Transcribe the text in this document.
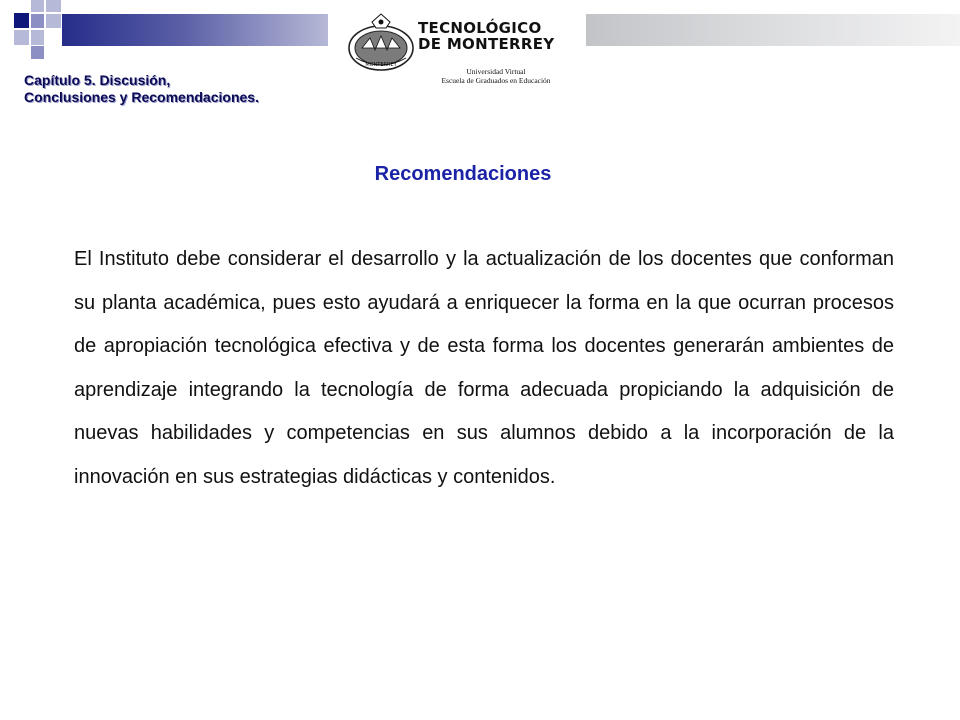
MONTERREY
TECNOLÓGICO
DE MONTERREY
Universidad Virtual
Escuela de Graduados en Educación
Capítulo 5. Discusión,
Conclusiones y Recomendaciones.
Recomendaciones

El Instituto debe considerar el desarrollo y la actualización de los docentes que conforman su planta académica, pues esto ayudará a enriquecer la forma en la que ocurran procesos de apropiación tecnológica efectiva y de esta forma los docentes generarán ambientes de aprendizaje integrando la tecnología de forma adecuada propiciando la adquisición de nuevas habilidades y competencias en sus alumnos debido a la incorporación de la innovación en sus estrategias didácticas y contenidos.
